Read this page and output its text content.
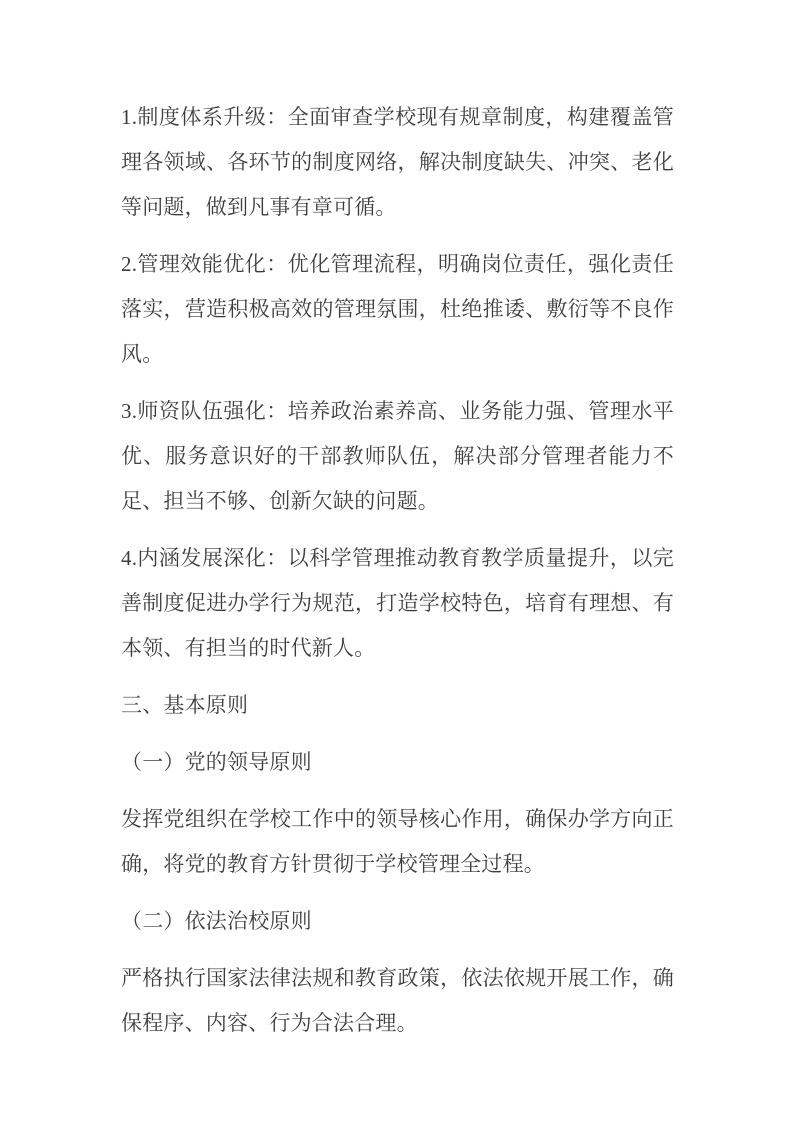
1.制度体系升级：全面审查学校现有规章制度，构建覆盖管理各领域、各环节的制度网络，解决制度缺失、冲突、老化等问题，做到凡事有章可循。

2.管理效能优化：优化管理流程，明确岗位责任，强化责任落实，营造积极高效的管理氛围，杜绝推诿、敷衍等不良作风。

3.师资队伍强化：培养政治素养高、业务能力强、管理水平优、服务意识好的干部教师队伍，解决部分管理者能力不足、担当不够、创新欠缺的问题。

4.内涵发展深化：以科学管理推动教育教学质量提升，以完善制度促进办学行为规范，打造学校特色，培育有理想、有本领、有担当的时代新人。

三、基本原则

（一）党的领导原则

发挥党组织在学校工作中的领导核心作用，确保办学方向正确，将党的教育方针贯彻于学校管理全过程。

（二）依法治校原则

严格执行国家法律法规和教育政策，依法依规开展工作，确保程序、内容、行为合法合理。
